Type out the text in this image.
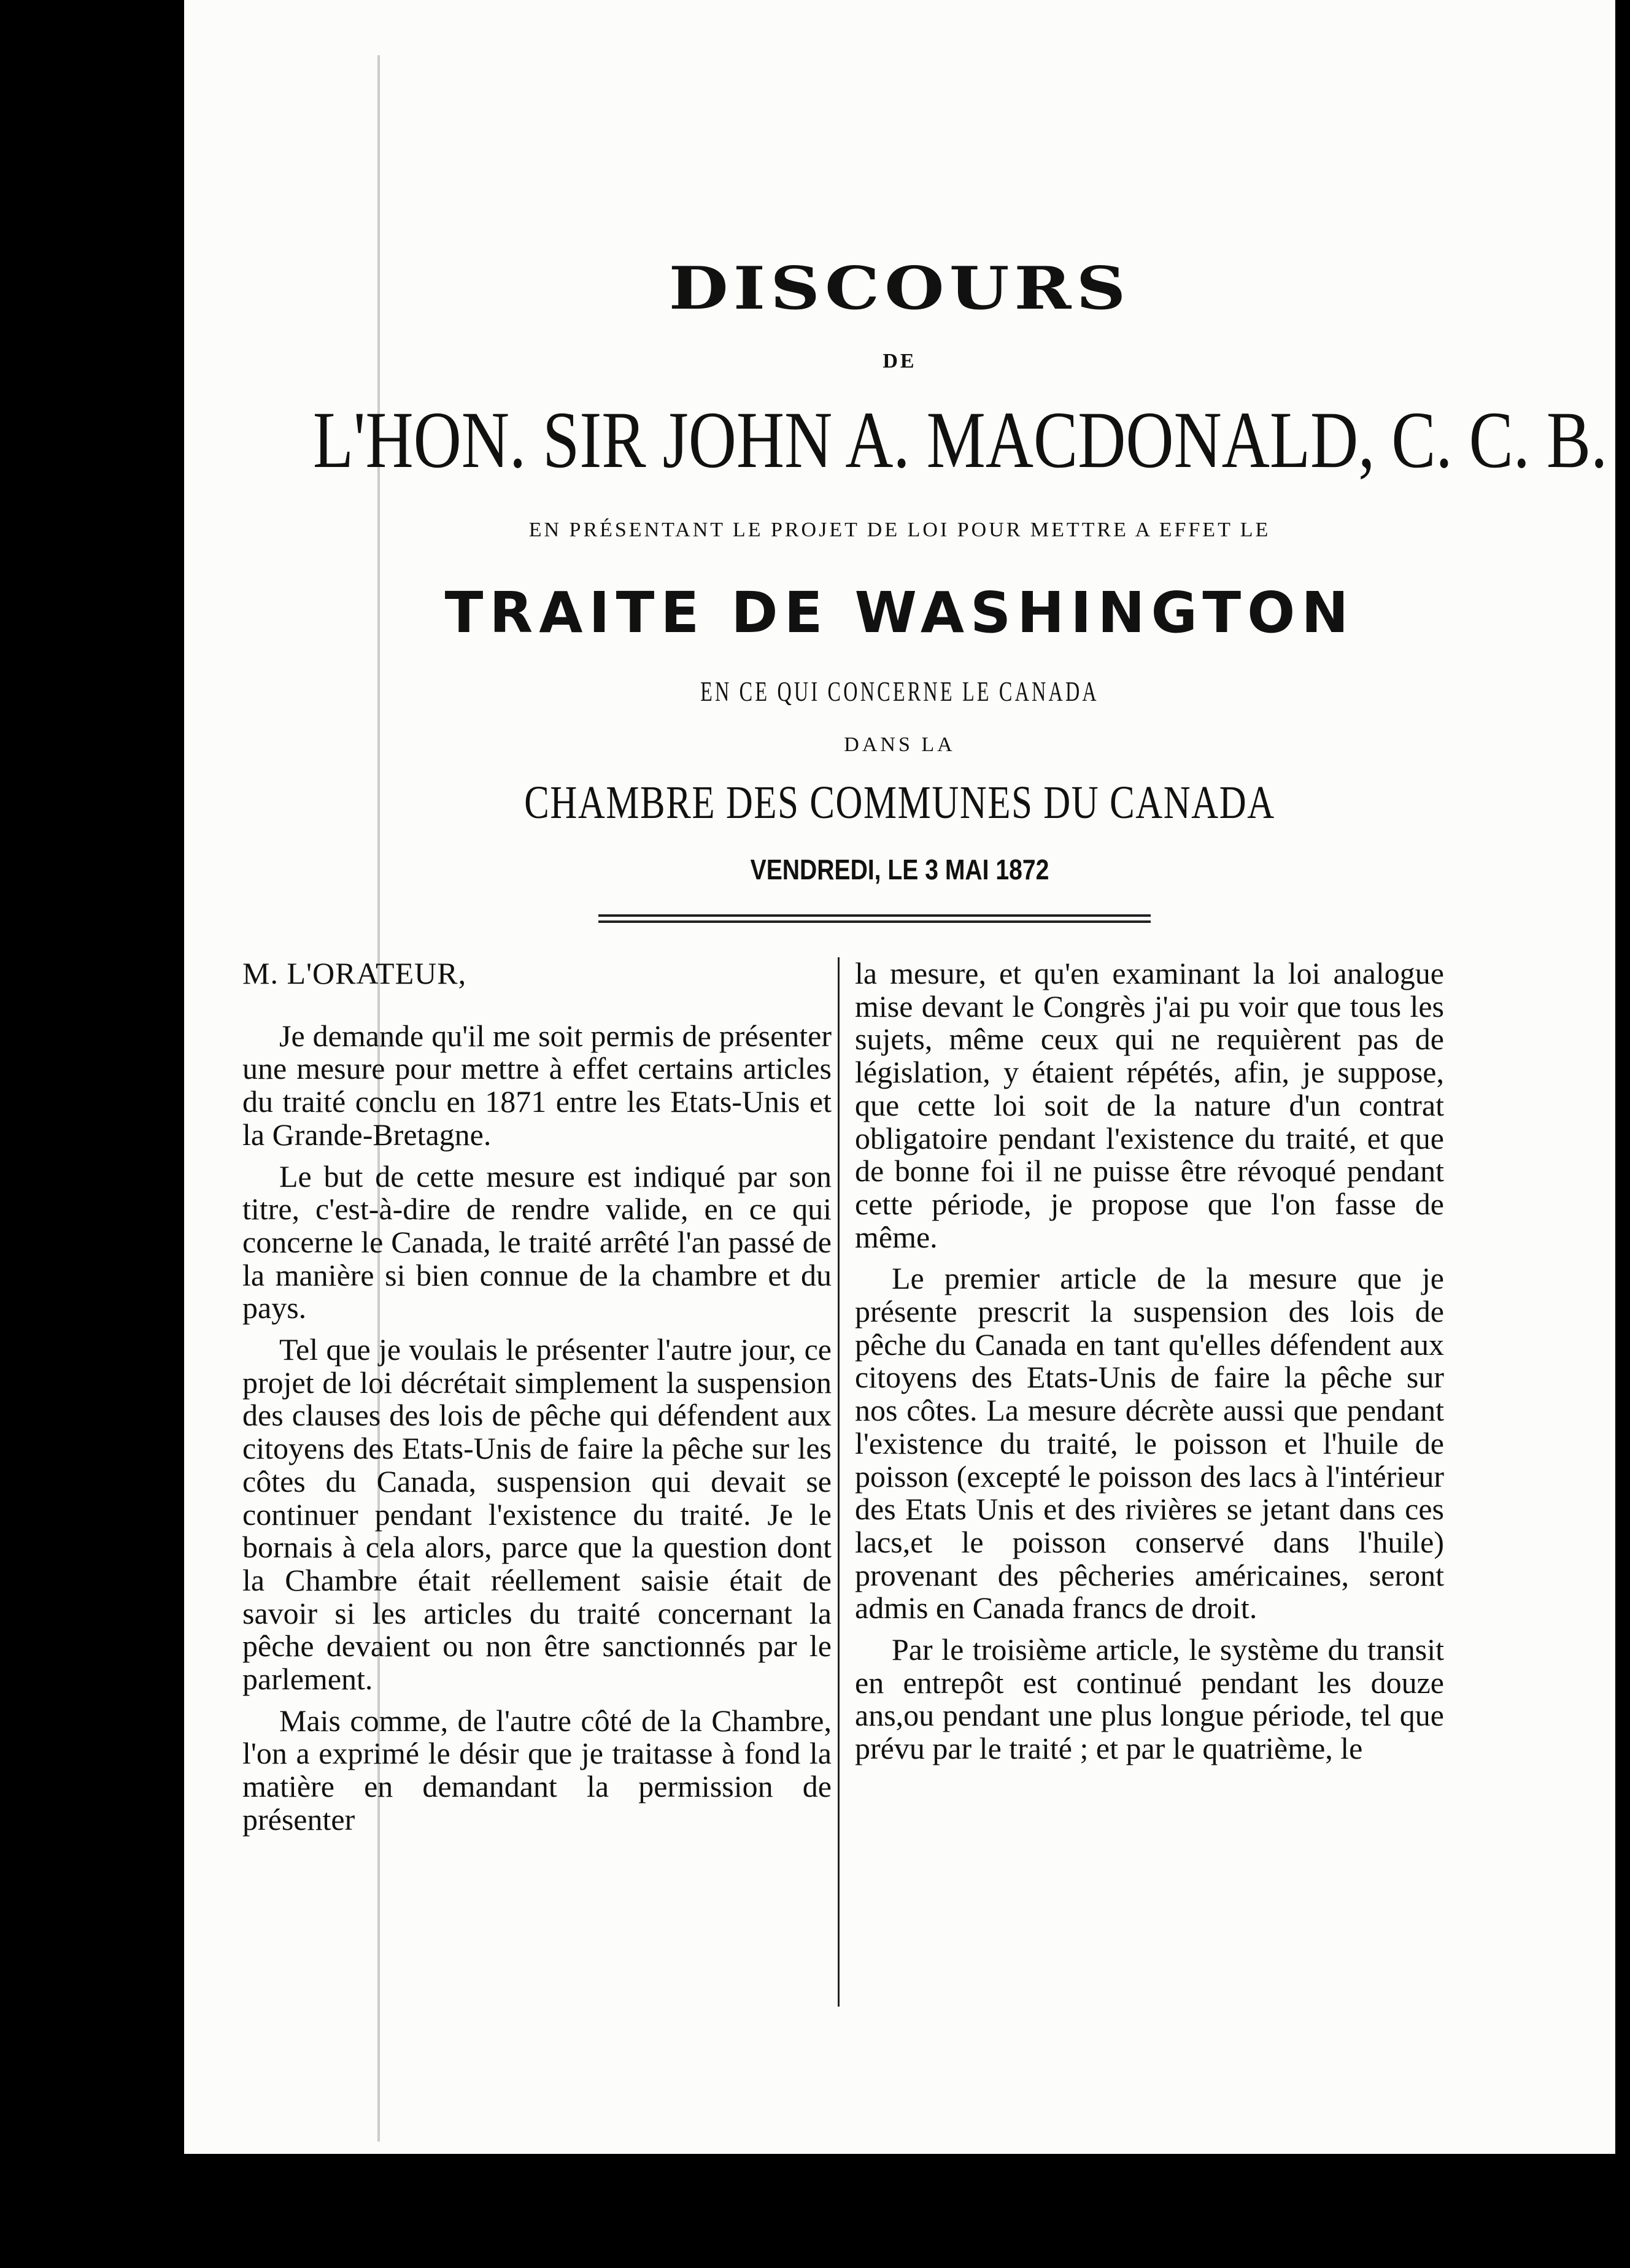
DISCOURS
DE
L'HON. SIR JOHN A. MACDONALD, C. C. B.
EN PRÉSENTANT LE PROJET DE LOI POUR METTRE A EFFET LE
TRAITE DE WASHINGTON
EN CE QUI CONCERNE LE CANADA
DANS LA
CHAMBRE DES COMMUNES DU CANADA
VENDREDI, LE 3 MAI 1872

M. L'ORATEUR,

Je demande qu'il me soit permis de présenter une mesure pour mettre à effet certains articles du traité conclu en 1871 entre les Etats-Unis et la Grande-Bretagne.

Le but de cette mesure est indiqué par son titre, c'est-à-dire de rendre valide, en ce qui concerne le Canada, le traité arrêté l'an passé de la manière si bien connue de la chambre et du pays.

Tel que je voulais le présenter l'autre jour, ce projet de loi décrétait simplement la suspension des clauses des lois de pêche qui défendent aux citoyens des Etats-Unis de faire la pêche sur les côtes du Canada, suspension qui devait se continuer pendant l'existence du traité. Je le bornais à cela alors, parce que la question dont la Chambre était réellement saisie était de savoir si les articles du traité concernant la pêche devaient ou non être sanctionnés par le parlement.

Mais comme, de l'autre côté de la Chambre, l'on a exprimé le désir que je traitasse à fond la matière en demandant la permission de présenter

la mesure, et qu'en examinant la loi analogue mise devant le Congrès j'ai pu voir que tous les sujets, même ceux qui ne requièrent pas de législation, y étaient répétés, afin, je suppose, que cette loi soit de la nature d'un contrat obligatoire pendant l'existence du traité, et que de bonne foi il ne puisse être révoqué pendant cette période, je propose que l'on fasse de même.

Le premier article de la mesure que je présente prescrit la suspension des lois de pêche du Canada en tant qu'elles défendent aux citoyens des Etats-Unis de faire la pêche sur nos côtes. La mesure décrète aussi que pendant l'existence du traité, le poisson et l'huile de poisson (excepté le poisson des lacs à l'intérieur des Etats Unis et des rivières se jetant dans ces lacs,et le poisson conservé dans l'huile) provenant des pêcheries américaines, seront admis en Canada francs de droit.

Par le troisième article, le système du transit en entrepôt est continué pendant les douze ans,ou pendant une plus longue période, tel que prévu par le traité ; et par le quatrième, le
